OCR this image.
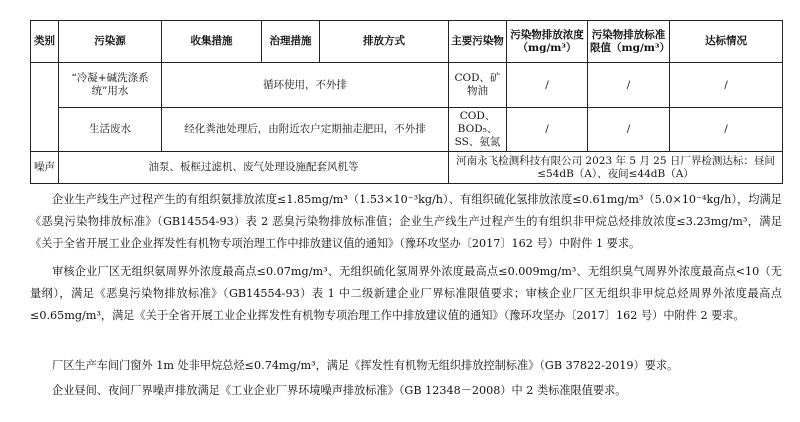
类别	污染源	收集措施	治理措施	排放方式	主要污染物	污染物排放浓度（mg/m³）	污染物排放标准限值（mg/m³）	达标情况
	“冷凝+碱洗涤系统”用水	循环使用，不外排			COD、矿物油	/	/	/
	生活废水	经化粪池处理后，由附近农户定期抽走肥田，不外排			COD、BOD₅、SS、氨氮	/	/	/
噪声	油泵、板框过滤机、废气处理设施配套风机等				河南永飞检测科技有限公司 2023 年 5 月 25 日厂界检测达标：昼间≤54dB（A）、夜间≤44dB（A）			
企业生产线生产过程产生的有组织氨排放浓度≤1.85mg/m³（1.53×10⁻³kg/h）、有组织硫化氢排放浓度≤0.61mg/m³（5.0×10⁻⁴kg/h），均满足《恶臭污染物排放标准》（GB14554-93）表 2 恶臭污染物排放标准值；企业生产线生产过程产生的有组织非甲烷总烃排放浓度≤3.23mg/m³，满足《关于全省开展工业企业挥发性有机物专项治理工作中排放建议值的通知》（豫环攻坚办〔2017〕162 号）中附件 1 要求。
审核企业厂区无组织氨周界外浓度最高点≤0.07mg/m³、无组织硫化氢周界外浓度最高点≤0.009mg/m³、无组织臭气周界外浓度最高点<10（无量纲），满足《恶臭污染物排放标准》（GB14554-93）表 1 中二级新建企业厂界标准限值要求；审核企业厂区无组织非甲烷总烃周界外浓度最高点≤0.65mg/m³，满足《关于全省开展工业企业挥发性有机物专项治理工作中排放建议值的通知》（豫环攻坚办〔2017〕162 号）中附件 2 要求。
厂区生产车间门窗外 1m 处非甲烷总烃≤0.74mg/m³，满足《挥发性有机物无组织排放控制标准》（GB 37822-2019）要求。
企业昼间、夜间厂界噪声排放满足《工业企业厂界环境噪声排放标准》（GB 12348－2008）中 2 类标准限值要求。
